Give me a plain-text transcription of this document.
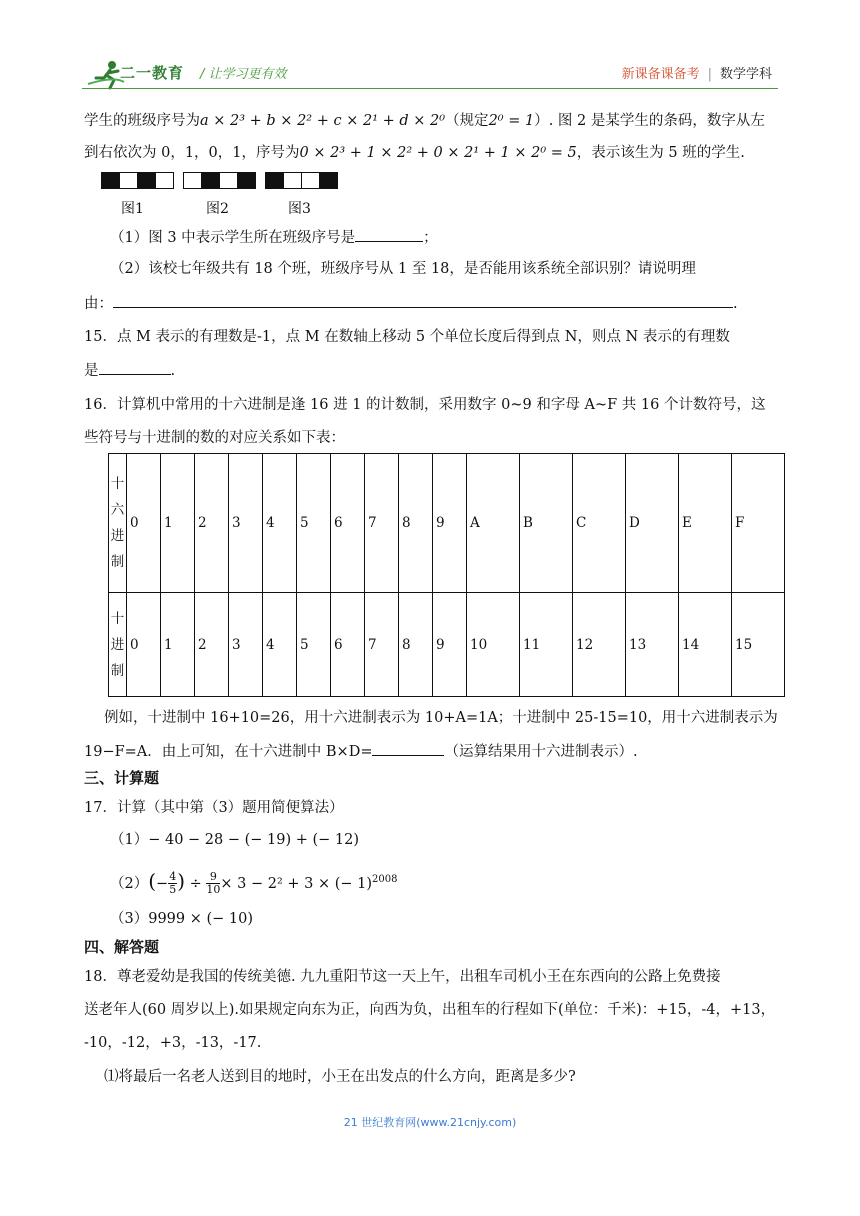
二一教育 / 让学习更有效	新课备课备考 | 数学学科
学生的班级序号为a × 2³ + b × 2² + c × 2¹ + d × 2⁰（规定2⁰ = 1）. 图 2 是某学生的条码，数字从左
到右依次为 0，1，0，1，序号为0 × 2³ + 1 × 2² + 0 × 2¹ + 1 × 2⁰ = 5，表示该生为 5 班的学生.
图1	图2	图3
（1）图 3 中表示学生所在班级序号是	；
（2）该校七年级共有 18 个班，班级序号从 1 至 18，是否能用该系统全部识别？请说明理
由：	.
15．点 M 表示的有理数是-1，点 M 在数轴上移动 5 个单位长度后得到点 N，则点 N 表示的有理数
是	.
16．计算机中常用的十六进制是逢 16 进 1 的计数制，采用数字 0~9 和字母 A~F 共 16 个计数符号，这
些符号与十进制的数的对应关系如下表：
十
六
进
制	0	1	2	3	4	5	6	7	8	9	A	B	C	D	E	F

十
进
制	0	1	2	3	4	5	6	7	8	9	10	11	12	13	14	15
例如，十进制中 16+10=26，用十六进制表示为 10+A=1A；十进制中 25-15=10，用十六进制表示为
19−F=A．由上可知，在十六进制中 B×D=	（运算结果用十六进制表示）.
三、计算题
17．计算（其中第（3）题用简便算法）
（1）− 40 − 28 − (− 19) + (− 12)
$(2)(- \frac{4}{5}$ ) ÷ $\frac{9}{10} \times 3 - 2^2 + 3$ × (− 1)$^{2008}$
（3）9999 × (− 10)
四、解答题
18．尊老爱幼是我国的传统美德. 九九重阳节这一天上午，出租车司机小王在东西向的公路上免费接
送老年人(60 周岁以上).如果规定向东为正，向西为负，出租车的行程如下(单位：千米)：+15，-4，+13，
-10，-12，+3，-13，-17.
⑴将最后一名老人送到目的地时，小王在出发点的什么方向，距离是多少?
21 世纪教育网(www.21cnjy.com)
